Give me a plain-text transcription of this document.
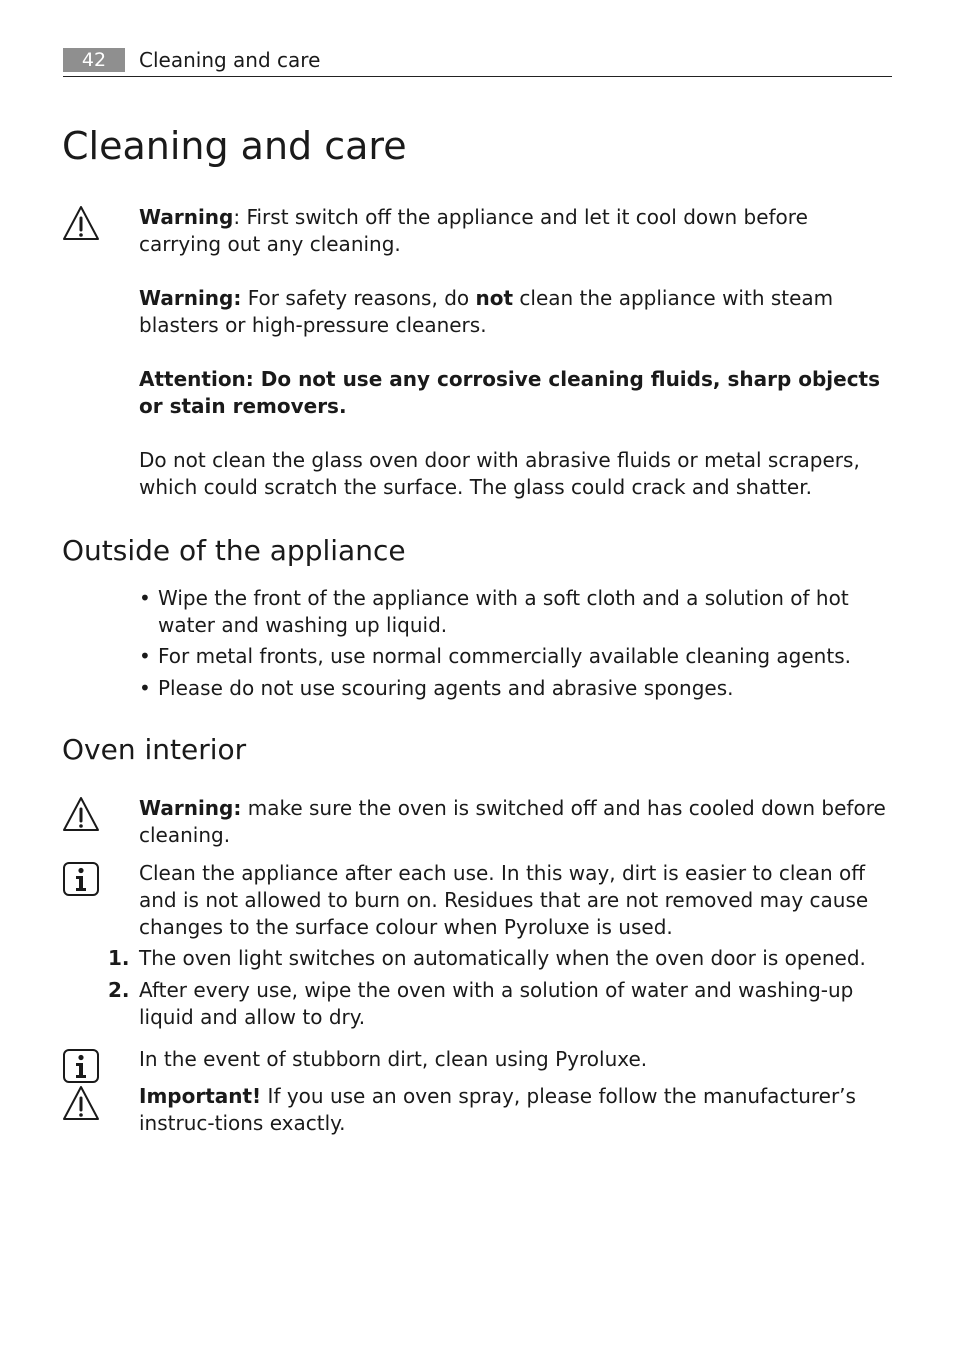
42	Cleaning and care
Cleaning and care

Warning: First switch off the appliance and let it cool down before carrying out any cleaning.

Warning: For safety reasons, do not clean the appliance with steam blasters or high-pressure cleaners.

Attention: Do not use any corrosive cleaning fluids, sharp objects or stain removers.

Do not clean the glass oven door with abrasive fluids or metal scrapers, which could scratch the surface. The glass could crack and shatter.

Outside of the appliance
• Wipe the front of the appliance with a soft cloth and a solution of hot water and washing up liquid.
• For metal fronts, use normal commercially available cleaning agents.
• Please do not use scouring agents and abrasive sponges.
Oven interior

Warning: make sure the oven is switched off and has cooled down before cleaning.

Clean the appliance after each use. In this way, dirt is easier to clean off and is not allowed to burn on. Residues that are not removed may cause changes to the surface colour when Pyroluxe is used.

1. The oven light switches on automatically when the oven door is opened.
2. After every use, wipe the oven with a solution of water and washing-up liquid and allow to dry.

In the event of stubborn dirt, clean using Pyroluxe.

Important! If you use an oven spray, please follow the manufacturer’s instruc-tions exactly.
